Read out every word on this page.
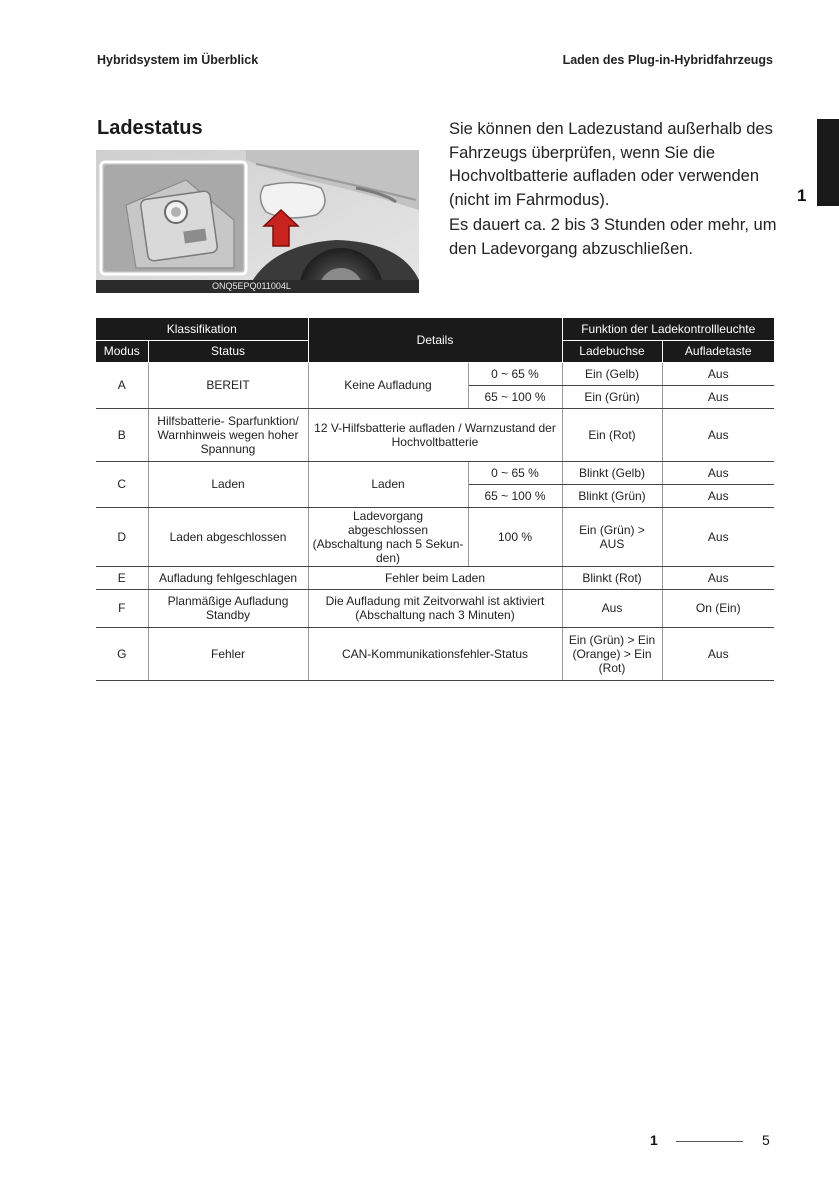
Hybridsystem im Überblick	Laden des Plug-in-Hybridfahrzeugs
1
Ladestatus
ONQ5EPQ011004L

Sie können den Ladezustand außerhalb des Fahrzeugs überprüfen, wenn Sie die Hochvoltbatterie aufladen oder verwenden (nicht im Fahrmodus).

Es dauert ca. 2 bis 3 Stunden oder mehr, um den Ladevorgang abzuschließen.

Klassifikation		Details		Funktion der Ladekontrollleuchte	
Modus	Status			Ladebuchse	Aufladetaste
A	BEREIT	Keine Aufladung	0 ~ 65 %	Ein (Gelb)	Aus
			65 ~ 100 %	Ein (Grün)	Aus
B	Hilfsbatterie- Sparfunktion/ Warnhinweis wegen hoher Spannung	12 V-Hilfsbatterie aufladen / Warnzustand der Hochvoltbatterie		Ein (Rot)	Aus
C	Laden	Laden	0 ~ 65 %	Blinkt (Gelb)	Aus
			65 ~ 100 %	Blinkt (Grün)	Aus
D	Laden abgeschlossen	Ladevorgang abgeschlossen (Abschaltung nach 5 Sekun-den)	100 %	Ein (Grün) > AUS	Aus
E	Aufladung fehlgeschlagen	Fehler beim Laden		Blinkt (Rot)	Aus
F	Planmäßige Aufladung Standby	Die Aufladung mit Zeitvorwahl ist aktiviert (Abschaltung nach 3 Minuten)		Aus	On (Ein)
G	Fehler	CAN-Kommunikationsfehler-Status		Ein (Grün) > Ein (Orange) > Ein (Rot)	Aus
1	5
